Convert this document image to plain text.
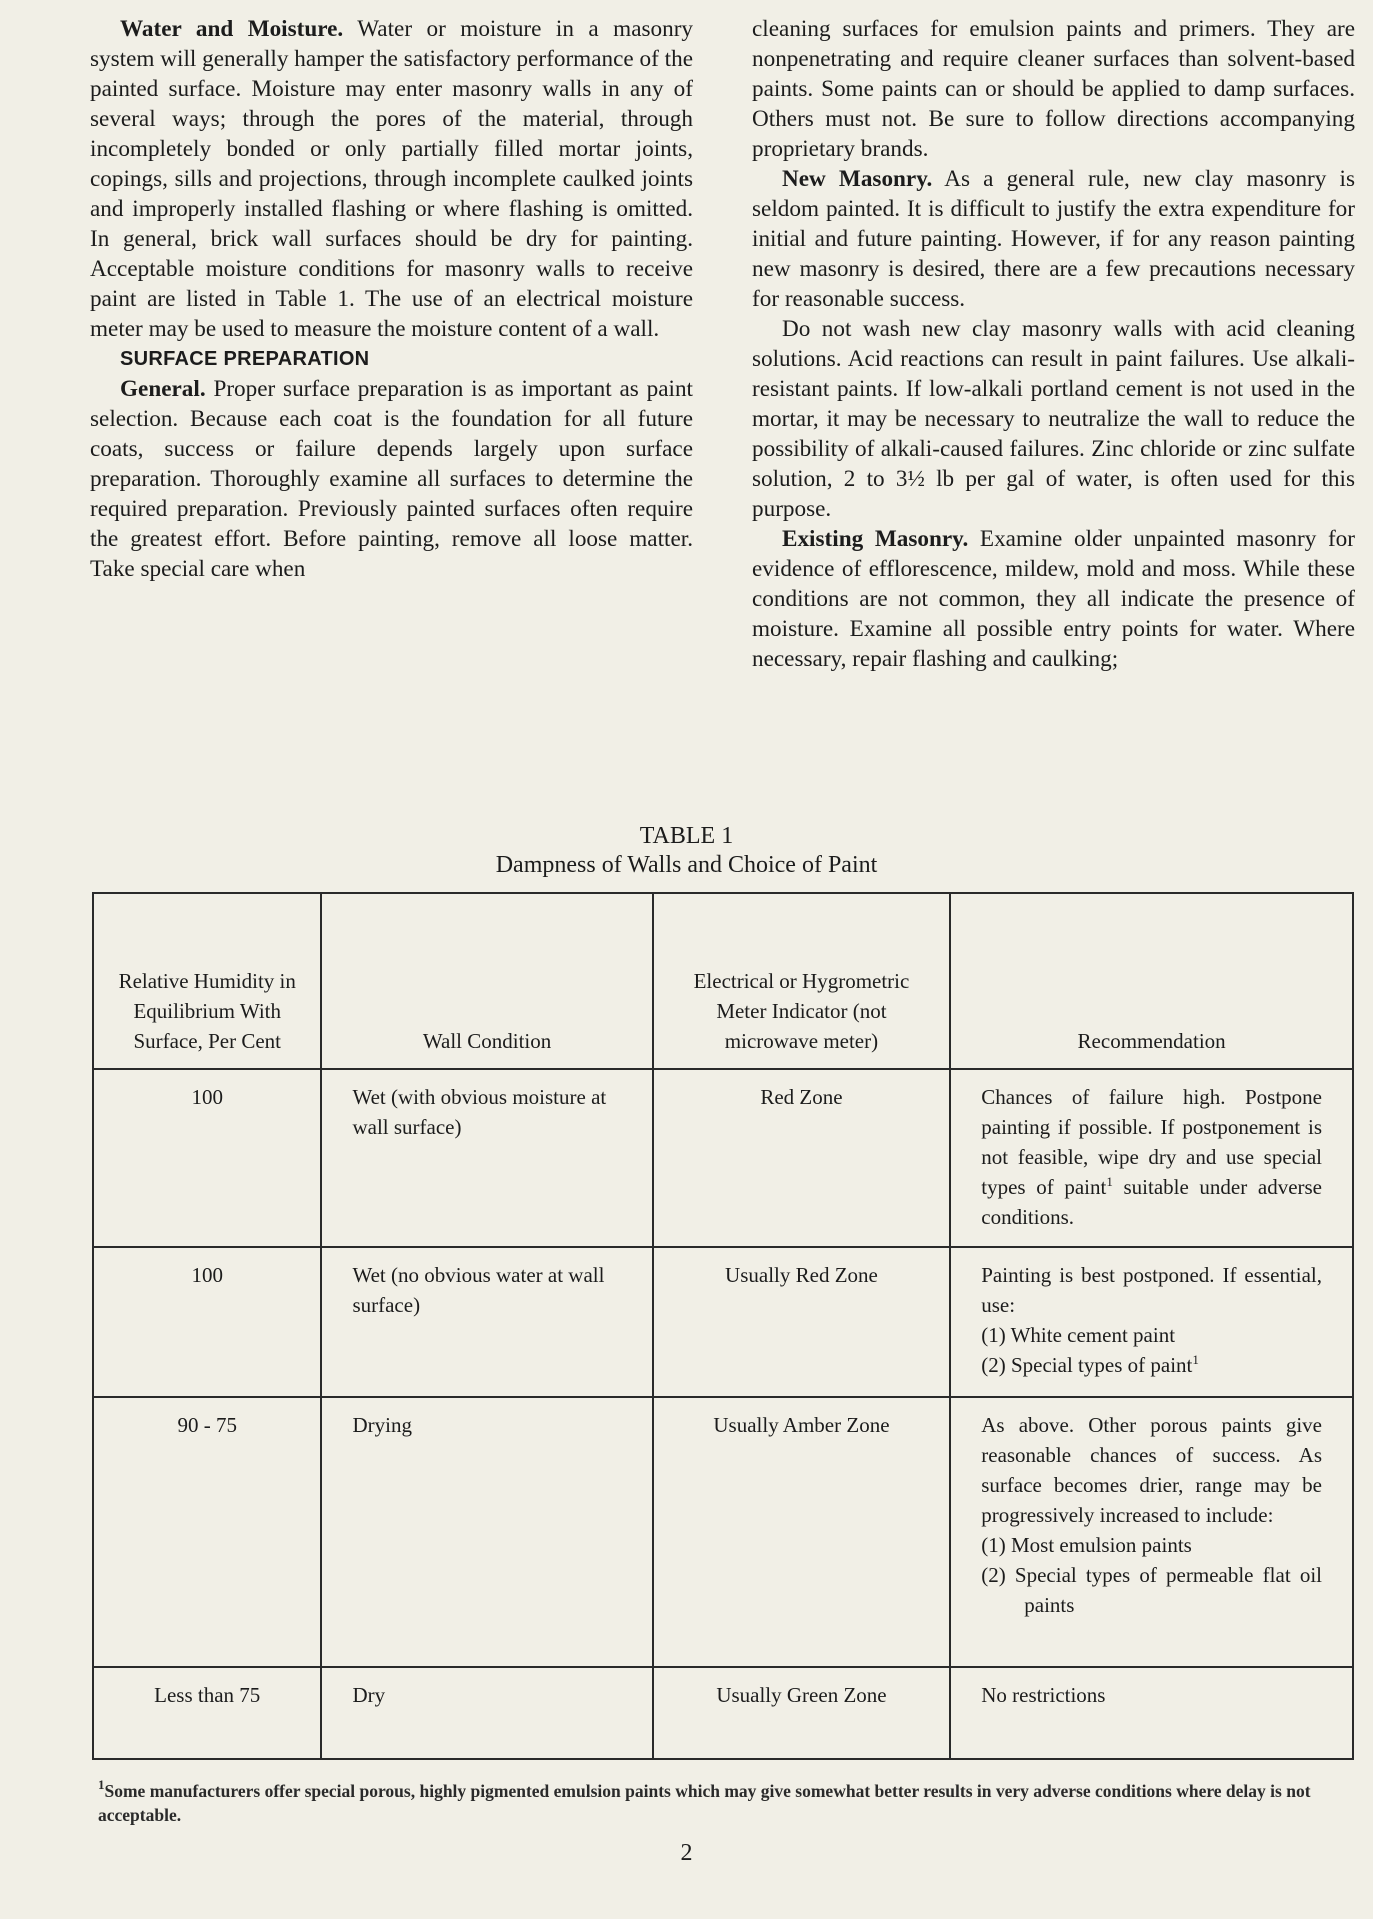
Water and Moisture. Water or moisture in a masonry system will generally hamper the satisfactory performance of the painted surface. Moisture may enter masonry walls in any of several ways; through the pores of the material, through incompletely bonded or only partially filled mortar joints, copings, sills and projections, through incomplete caulked joints and improperly installed flashing or where flashing is omitted. In general, brick wall surfaces should be dry for painting. Acceptable moisture conditions for masonry walls to receive paint are listed in Table 1. The use of an electrical moisture meter may be used to measure the moisture content of a wall.

SURFACE PREPARATION

General. Proper surface preparation is as important as paint selection. Because each coat is the foundation for all future coats, success or failure depends largely upon surface preparation. Thoroughly examine all surfaces to determine the required preparation. Previously painted surfaces often require the greatest effort. Before painting, remove all loose matter. Take special care when

cleaning surfaces for emulsion paints and primers. They are nonpenetrating and require cleaner surfaces than solvent-based paints. Some paints can or should be applied to damp surfaces. Others must not. Be sure to follow directions accompanying proprietary brands.

New Masonry. As a general rule, new clay masonry is seldom painted. It is difficult to justify the extra expenditure for initial and future painting. However, if for any reason painting new masonry is desired, there are a few precautions necessary for reasonable success.

Do not wash new clay masonry walls with acid cleaning solutions. Acid reactions can result in paint failures. Use alkali-resistant paints. If low-alkali portland cement is not used in the mortar, it may be necessary to neutralize the wall to reduce the possibility of alkali-caused failures. Zinc chloride or zinc sulfate solution, 2 to 3½ lb per gal of water, is often used for this purpose.

Existing Masonry. Examine older unpainted masonry for evidence of efflorescence, mildew, mold and moss. While these conditions are not common, they all indicate the presence of moisture. Examine all possible entry points for water. Where necessary, repair flashing and caulking;

TABLE 1
Dampness of Walls and Choice of Paint
Relative Humidity in Equilibrium With Surface, Per Cent	Wall Condition	Electrical or Hygrometric Meter Indicator (not microwave meter)	Recommendation
100	Wet (with obvious moisture at wall surface)	Red Zone	Chances of failure high. Postpone painting if possible. If postponement is not feasible, wipe dry and use special types of paint$^1$ suitable under adverse conditions.
100	Wet (no obvious water at wall surface)	Usually Red Zone	Painting is best postponed. If essential, use:
(1) White cement paint
(2) Special types of paint$^1$

90 - 75	Drying	Usually Amber Zone	As above. Other porous paints give reasonable chances of success. As surface becomes drier, range may be progressively increased to include:
(1) Most emulsion paints
(2) Special types of permeable flat oil paints

Less than 75	Dry	Usually Green Zone	No restrictions
$^1$Some manufacturers offer special porous, highly pigmented emulsion paints which may give somewhat better results in very adverse conditions where delay is not acceptable.
2
